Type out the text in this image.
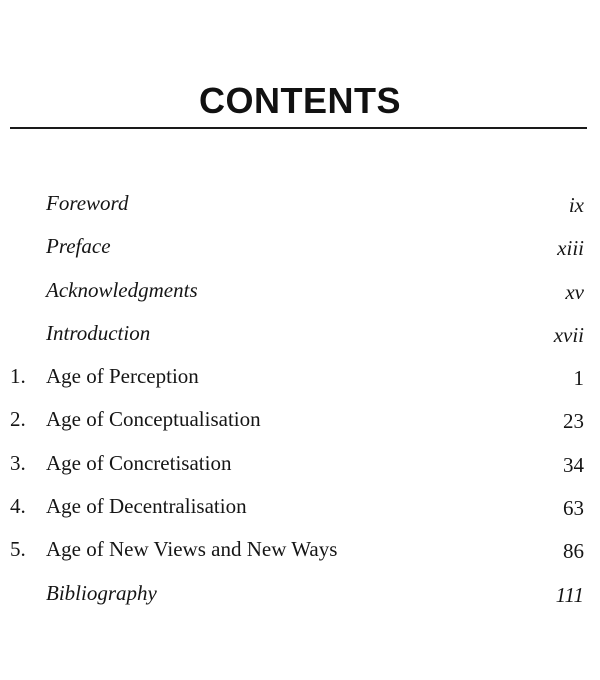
CONTENTS
Foreword	ix
Preface	xiii
Acknowledgments	xv
Introduction	xvii
1. Age of Perception	1
2. Age of Conceptualisation	23
3. Age of Concretisation	34
4. Age of Decentralisation	63
5. Age of New Views and New Ways	86
Bibliography	111
